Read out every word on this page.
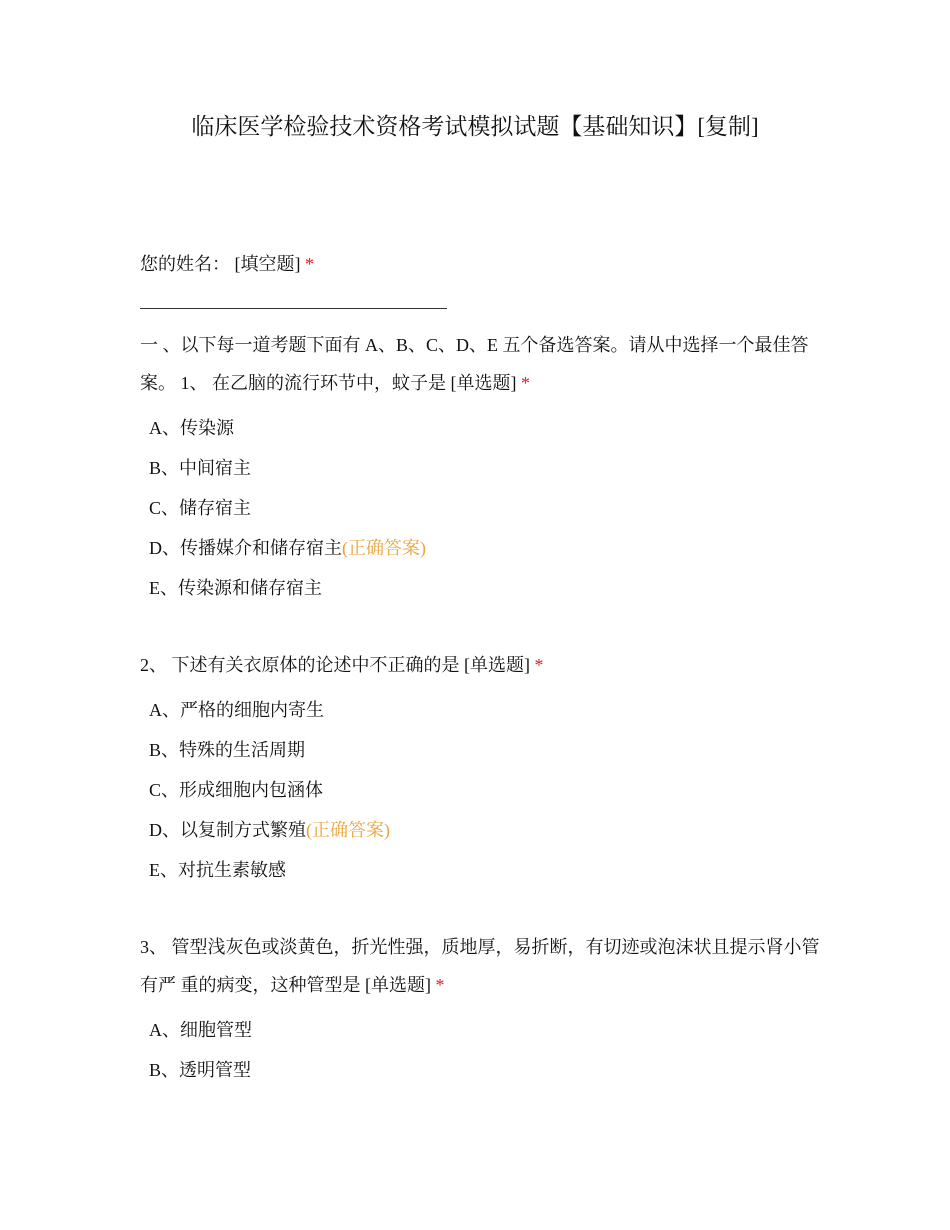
临床医学检验技术资格考试模拟试题【基础知识】[复制]

您的姓名： [填空题] *

一 、以下每一道考题下面有 A、B、C、D、E 五个备选答案。请从中选择一个最佳答案。 1、 在乙脑的流行环节中，蚊子是 [单选题] *

A、传染源
B、中间宿主
C、储存宿主
D、传播媒介和储存宿主(正确答案)
E、传染源和储存宿主

2、 下述有关衣原体的论述中不正确的是 [单选题] *

A、严格的细胞内寄生
B、特殊的生活周期
C、形成细胞内包涵体
D、以复制方式繁殖(正确答案)
E、对抗生素敏感

3、 管型浅灰色或淡黄色，折光性强，质地厚，易折断，有切迹或泡沫状且提示肾小管有严 重的病变，这种管型是 [单选题] *

A、细胞管型
B、透明管型
